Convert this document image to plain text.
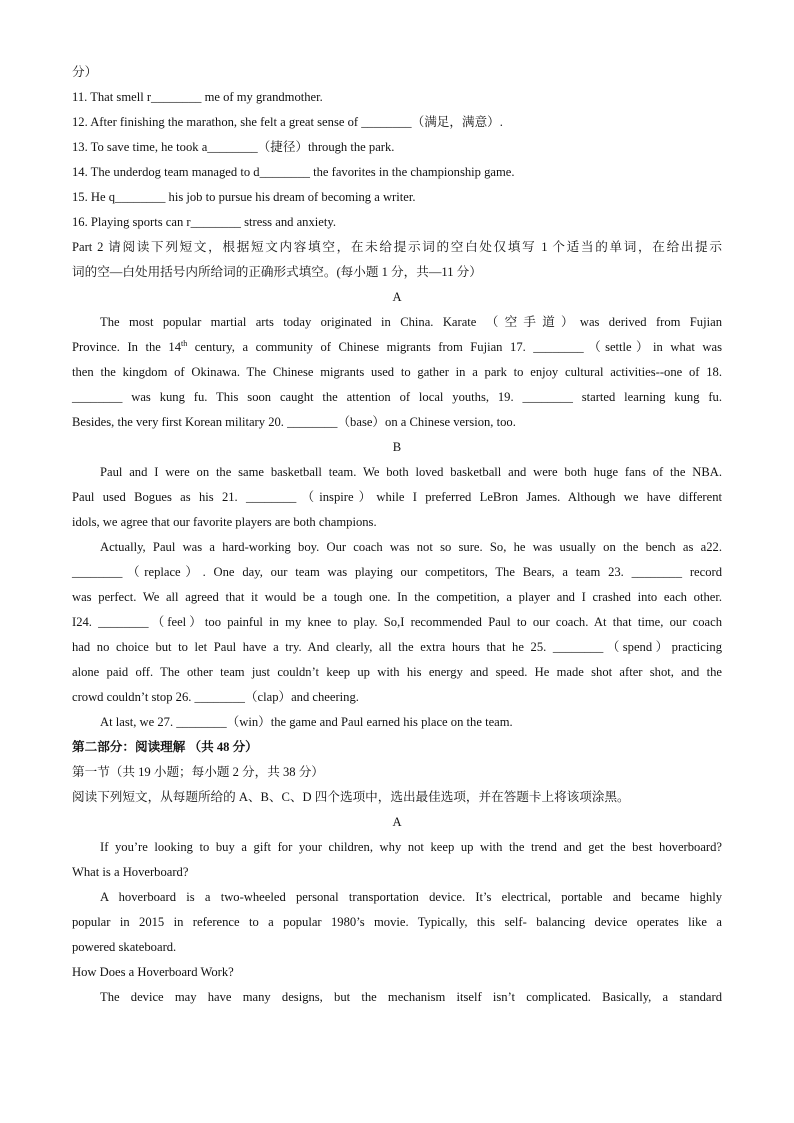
分）
11. That smell r________ me of my grandmother.
12. After finishing the marathon, she felt a great sense of ________（满足，满意）.
13. To save time, he took a________（捷径）through the park.
14. The underdog team managed to d________ the favorites in the championship game.
15. He q________ his job to pursue his dream of becoming a writer.
16. Playing sports can r________ stress and anxiety.
Part 2 请阅读下列短文，根据短文内容填空，在未给提示词的空白处仅填写 1 个适当的单词，在给出提示
词的空—白处用括号内所给词的正确形式填空。(每小题 1 分，共—11 分）
A
The most popular martial arts today originated in China. Karate （空手道）was derived from Fujian
Province. In the 14th century, a community of Chinese migrants from Fujian 17. ________（settle）in what was
then the kingdom of Okinawa. The Chinese migrants used to gather in a park to enjoy cultural activities--one of 18.
________ was kung fu. This soon caught the attention of local youths, 19. ________ started learning kung fu.
Besides, the very first Korean military 20. ________（base）on a Chinese version, too.
B
Paul and I were on the same basketball team. We both loved basketball and were both huge fans of the NBA.
Paul used Bogues as his 21. ________（inspire）while I preferred LeBron James. Although we have different
idols, we agree that our favorite players are both champions.
Actually, Paul was a hard-working boy. Our coach was not so sure. So, he was usually on the bench as a22.
________（replace）. One day, our team was playing our competitors, The Bears, a team 23. ________ record
was perfect. We all agreed that it would be a tough one. In the competition, a player and I crashed into each other.
I24. ________（feel）too painful in my knee to play. So,I recommended Paul to our coach. At that time, our coach
had no choice but to let Paul have a try. And clearly, all the extra hours that he 25. ________（spend）practicing
alone paid off. The other team just couldn’t keep up with his energy and speed. He made shot after shot, and the
crowd couldn’t stop 26. ________（clap）and cheering.
At last, we 27. ________（win）the game and Paul earned his place on the team.
第二部分：阅读理解 （共 48 分）
第一节（共 19 小题；每小题 2 分，共 38 分）
阅读下列短文，从每题所给的 A、B、C、D 四个选项中，选出最佳选项，并在答题卡上将该项涂黑。
A
If you’re looking to buy a gift for your children, why not keep up with the trend and get the best hoverboard?
What is a Hoverboard?
A hoverboard is a two-wheeled personal transportation device. It’s electrical, portable and became highly
popular in 2015 in reference to a popular 1980’s movie. Typically, this self- balancing device operates like a
powered skateboard.
How Does a Hoverboard Work?
The device may have many designs, but the mechanism itself isn’t complicated. Basically, a standard
